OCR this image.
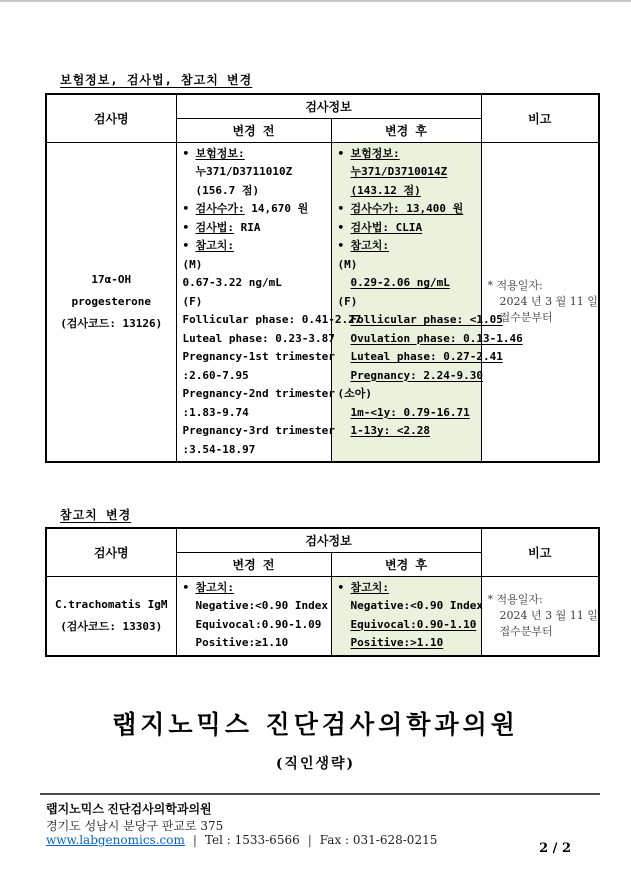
보험정보, 검사법, 참고치 변경
검사명	검사정보		비고
	변경 전	변경 후	

17α-OH progesterone
(검사코드: 13126)

• 보험정보:
누371/D3711010Z
(156.7 점)
• 검사수가: 14,670 원
• 검사법: RIA
• 참고치:
(M)
0.67-3.22 ng/mL
(F)
Follicular phase: 0.41-2.27
Luteal phase: 0.23-3.87
Pregnancy-1st trimester
:2.60-7.95
Pregnancy-2nd trimester
:1.83-9.74
Pregnancy-3rd trimester
:3.54-18.97

• 보험정보:
누371/D3710014Z
(143.12 점)
• 검사수가: 13,400 원
• 검사법: CLIA
• 참고치:
(M)
0.29-2.06 ng/mL
(F)
Follicular phase: <1.05
Ovulation phase: 0.13-1.46
Luteal phase: 0.27-2.41
Pregnancy: 2.24-9.30
(소아)
1m-<1y: 0.79-16.71
1-13y: <2.28

* 적용일자:
2024 년 3 월 11 일
접수분부터
참고치 변경
검사명	검사정보		비고
	변경 전	변경 후	

C.trachomatis IgM
(검사코드: 13303)

• 참고치:
Negative:<0.90 Index
Equivocal:0.90-1.09
Positive:≥1.10

• 참고치:
Negative:<0.90 Index
Equivocal:0.90-1.10
Positive:>1.10

* 적용일자:
2024 년 3 월 11 일
접수분부터
랩지노믹스 진단검사의학과의원
(직인생략)
랩지노믹스 진단검사의학과의원
경기도 성남시 분당구 판교로 375
www.labgenomics.com | Tel : 1533-6566 | Fax : 031-628-0215
2 / 2
